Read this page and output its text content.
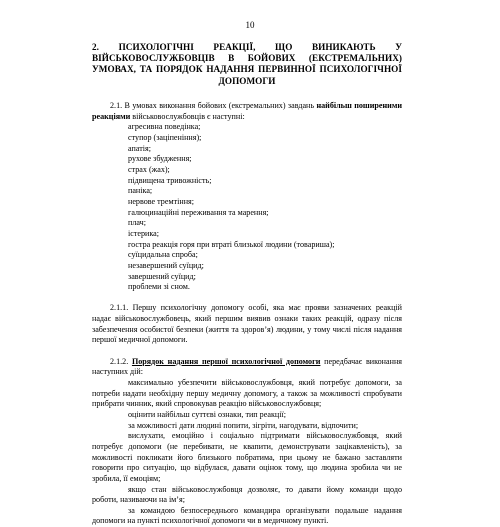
10
2. ПСИХОЛОГІЧНІ РЕАКЦІЇ, ЩО ВИНИКАЮТЬ У ВІЙСЬКОВОСЛУЖБОВЦІВ В БОЙОВИХ (ЕКСТРЕМАЛЬНИХ) УМОВАХ, ТА ПОРЯДОК НАДАННЯ ПЕРВИННОЇ ПСИХОЛОГІЧНОЇ ДОПОМОГИ

2.1. В умовах виконання бойових (екстремальних) завдань найбільш поширеними реакціями військовослужбовців є наступні:

агресивна поведінка;

ступор (заціпеніння);

апатія;

рухове збудження;

страх (жах);

підвищена тривожність;

паніка;

нервове тремтіння;

галюцинаційні переживання та марення;

плач;

істерика;

гостра реакція горя при втраті близької людини (товариша);

суїцидальна спроба;

незавершений суїцид;

завершений суїцид;

проблеми зі сном.

2.1.1. Першу психологічну допомогу особі, яка має прояви зазначених реакцій надає військовослужбовець, який першим виявив ознаки таких реакцій, одразу після забезпечення особистої безпеки (життя та здоров’я) людини, у тому числі після надання першої медичної допомоги.

2.1.2. Порядок надання першої психологічної допомоги передбачає виконання наступних дій:

максимально убезпечити військовослужбовця, який потребує допомоги, за потреби надати необхідну першу медичну допомогу, а також за можливості спробувати прибрати чинник, який спровокував реакцію військовослужбовця;

оцінити найбільш суттєві ознаки, тип реакції;

за можливості дати людині попити, зігріти, нагодувати, відпочити;

вислухати, емоційно і соціально підтримати військовослужбовця, який потребує допомоги (не перебивати, не квапити, демонструвати зацікавленість), за можливості покликати його близького побратима, при цьому не бажано заставляти говорити про ситуацію, що відбулася, давати оцінок тому, що людина зробила чи не зробила, її емоціям;

якщо стан військовослужбовця дозволяє, то давати йому команди щодо роботи, називаючи на ім’я;

за командою безпосереднього командира організувати подальше надання допомоги на пункті психологічної допомоги чи в медичному пункті.
